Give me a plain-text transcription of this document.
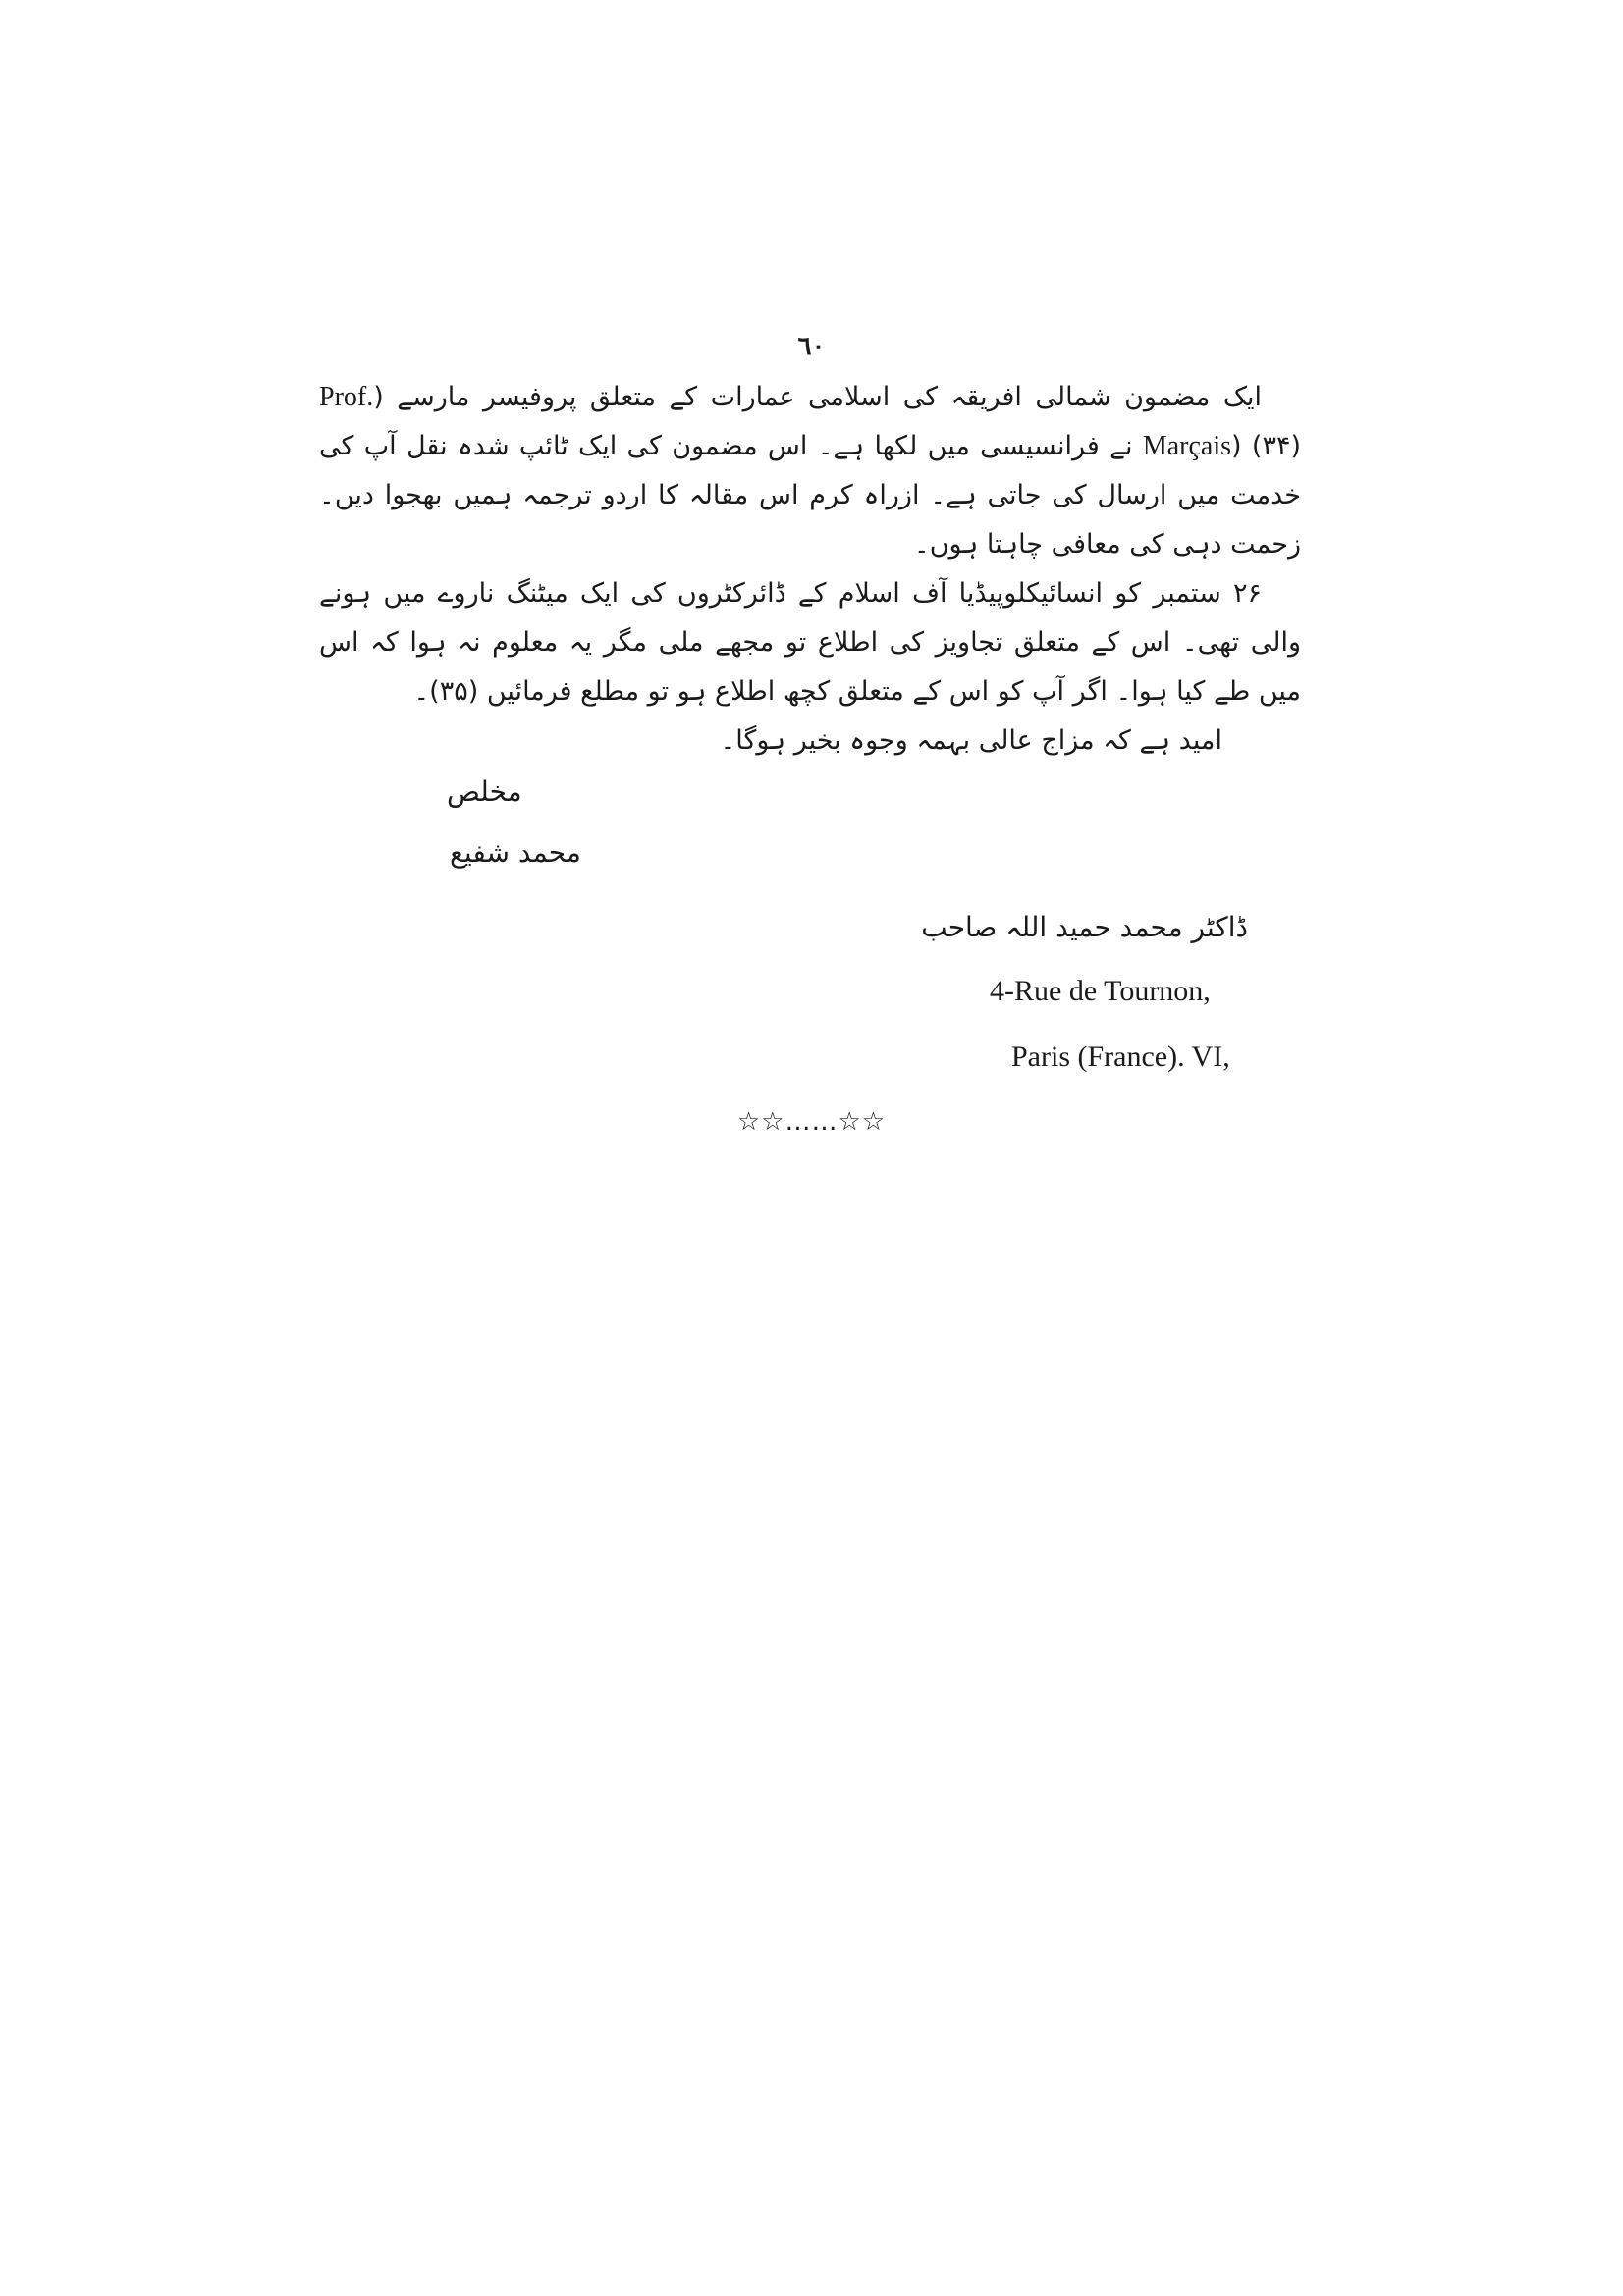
٦٠

ایک مضمون شمالی افریقہ کی اسلامی عمارات کے متعلق پروفیسر مارسے (Prof. Marçais) (۳۴) نے فرانسیسی میں لکھا ہے۔ اس مضمون کی ایک ٹائپ شدہ نقل آپ کی خدمت میں ارسال کی جاتی ہے۔ ازراہ کرم اس مقالہ کا اردو ترجمہ ہمیں بھجوا دیں۔ زحمت دہی کی معافی چاہتا ہوں۔

۲۶ ستمبر کو انسائیکلوپیڈیا آف اسلام کے ڈائرکٹروں کی ایک میٹنگ ناروے میں ہونے والی تھی۔ اس کے متعلق تجاویز کی اطلاع تو مجھے ملی مگر یہ معلوم نہ ہوا کہ اس میں طے کیا ہوا۔ اگر آپ کو اس کے متعلق کچھ اطلاع ہو تو مطلع فرمائیں (۳۵)۔

امید ہے کہ مزاج عالی بہمہ وجوہ بخیر ہوگا۔

مخلص
محمد شفیع
ڈاکٹر محمد حمید اللہ صاحب
4-Rue de Tournon,
Paris (France). VI,
☆☆……☆☆
